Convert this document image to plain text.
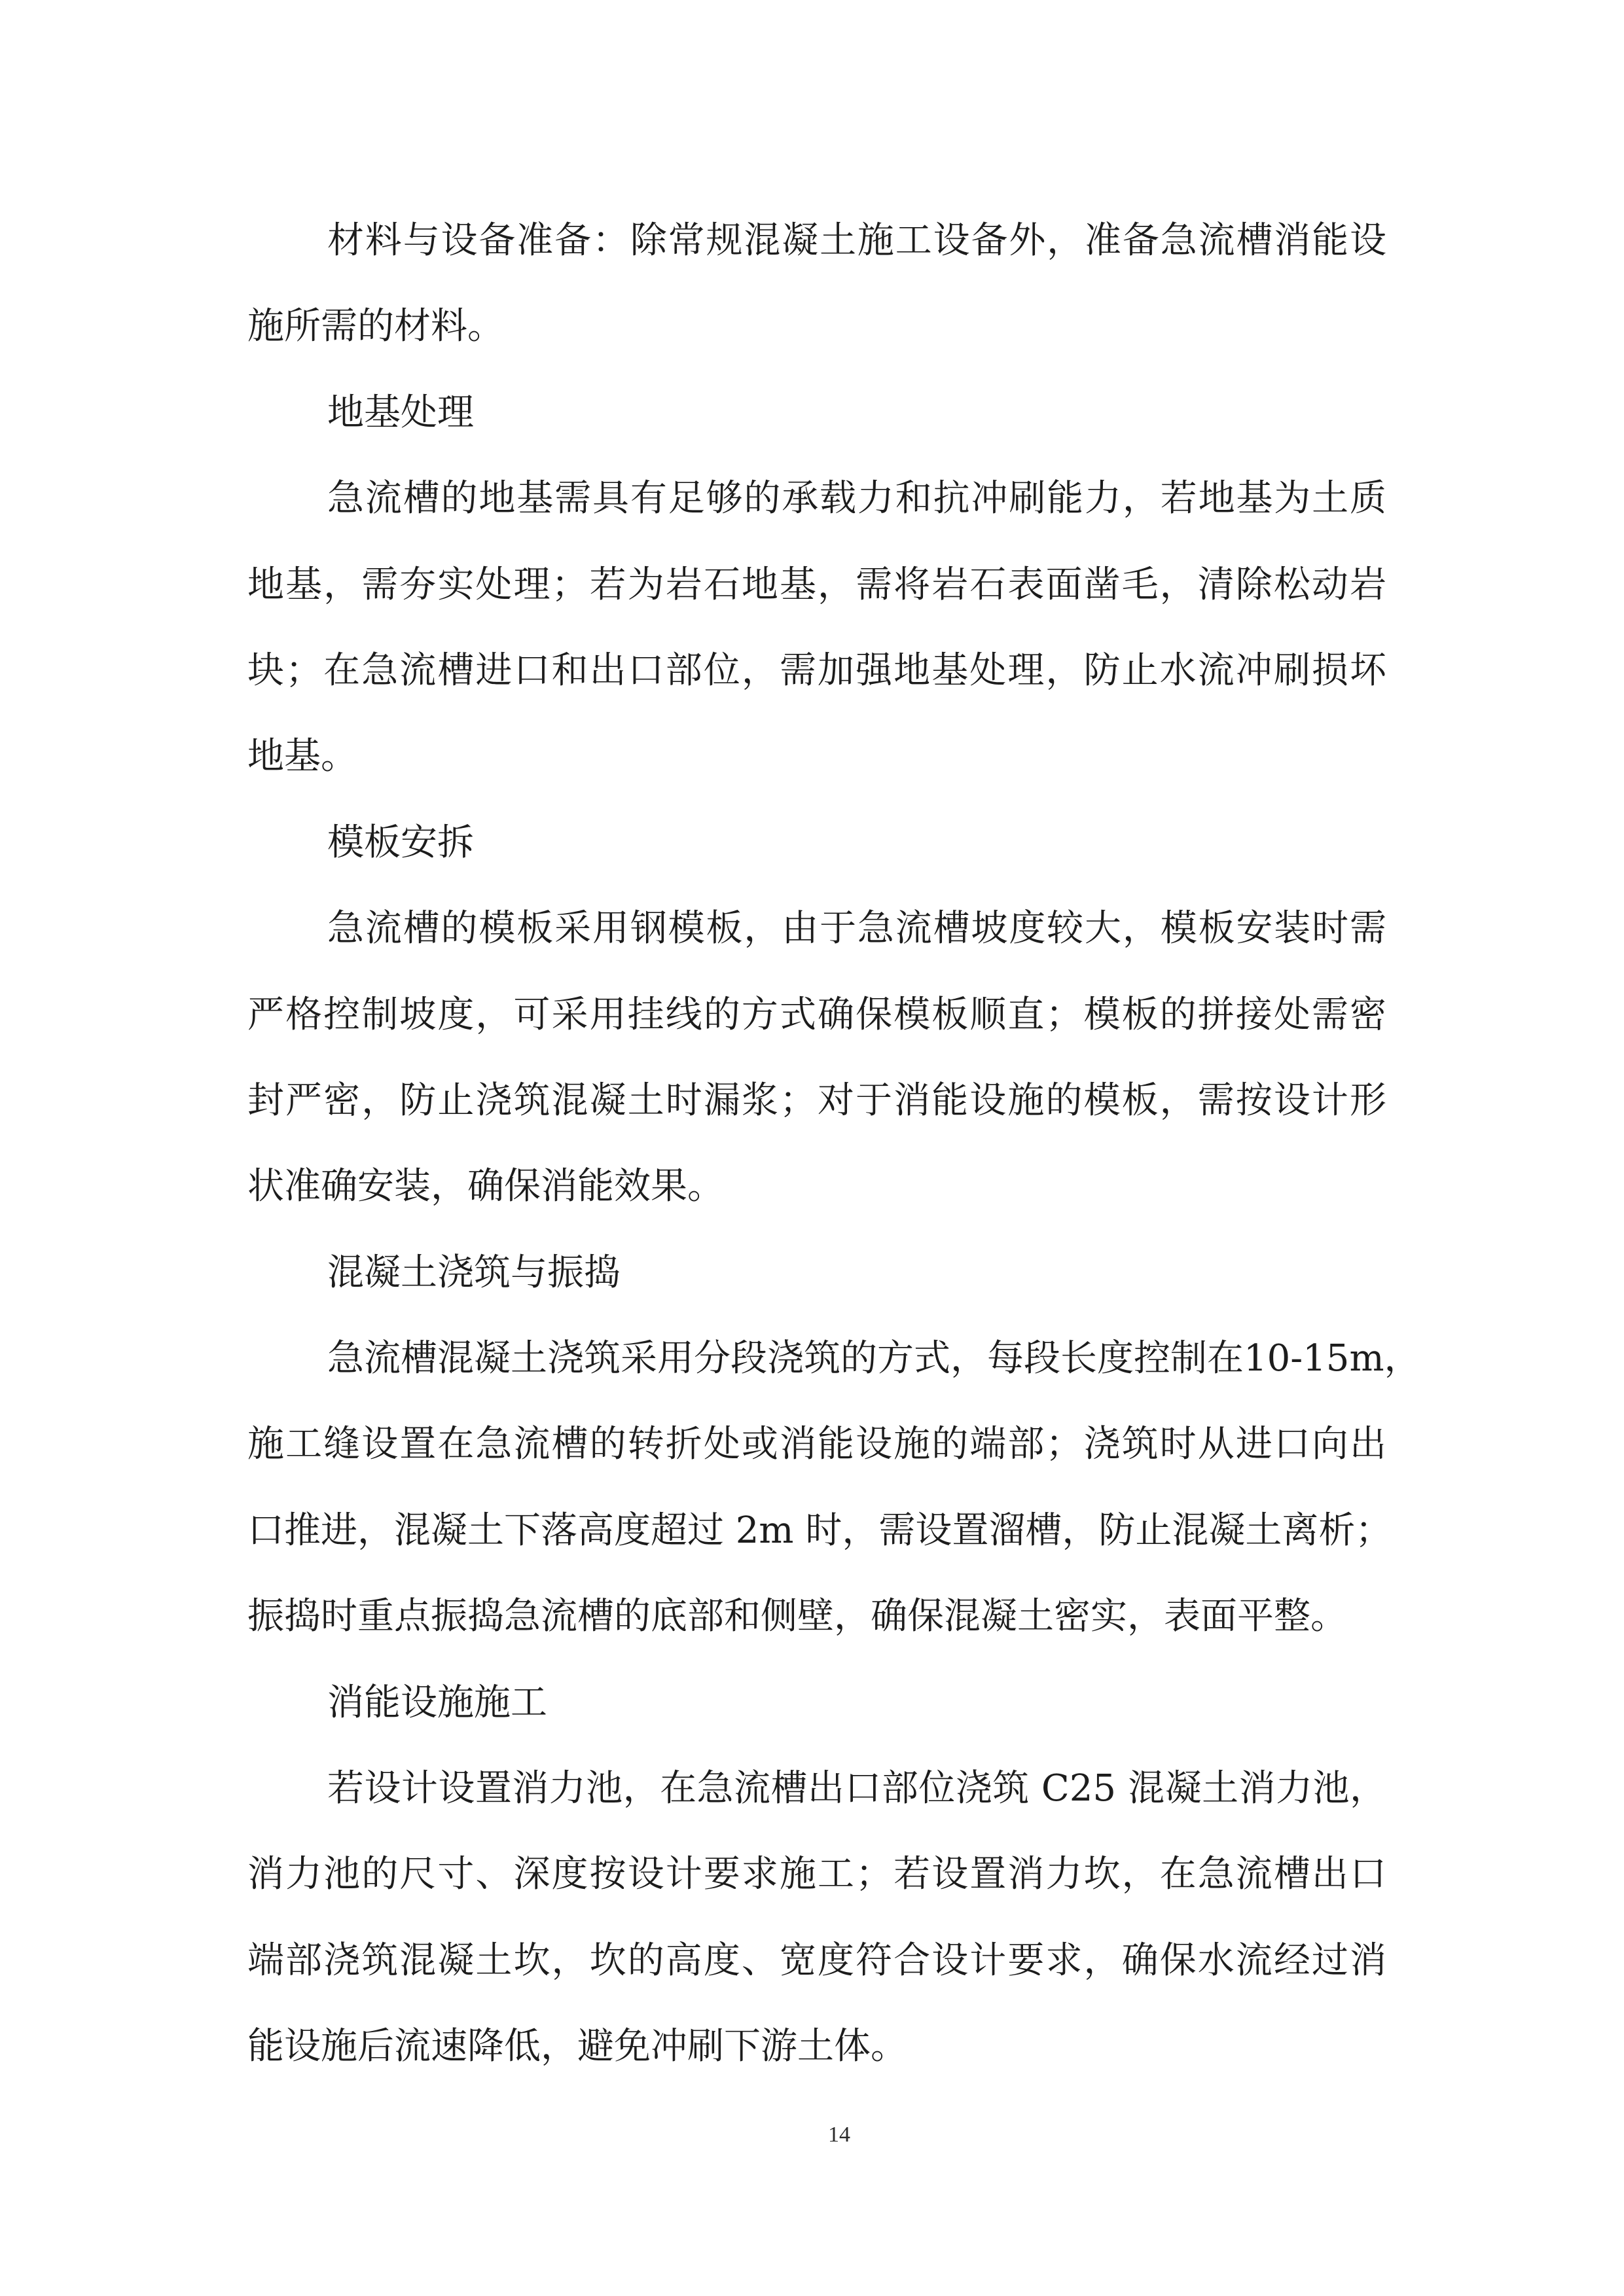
材料与设备准备：除常规混凝土施工设备外，准备急流槽消能设
施所需的材料。
地基处理
急流槽的地基需具有足够的承载力和抗冲刷能力，若地基为土质
地基，需夯实处理；若为岩石地基，需将岩石表面凿毛，清除松动岩
块；在急流槽进口和出口部位，需加强地基处理，防止水流冲刷损坏
地基。
模板安拆
急流槽的模板采用钢模板，由于急流槽坡度较大，模板安装时需
严格控制坡度，可采用挂线的方式确保模板顺直；模板的拼接处需密
封严密，防止浇筑混凝土时漏浆；对于消能设施的模板，需按设计形
状准确安装，确保消能效果。
混凝土浇筑与振捣
急流槽混凝土浇筑采用分段浇筑的方式，每段长度控制在10-15m，
施工缝设置在急流槽的转折处或消能设施的端部；浇筑时从进口向出
口推进，混凝土下落高度超过 2m 时，需设置溜槽，防止混凝土离析；
振捣时重点振捣急流槽的底部和侧壁，确保混凝土密实，表面平整。
消能设施施工
若设计设置消力池，在急流槽出口部位浇筑 C25 混凝土消力池，
消力池的尺寸、深度按设计要求施工；若设置消力坎，在急流槽出口
端部浇筑混凝土坎，坎的高度、宽度符合设计要求，确保水流经过消
能设施后流速降低，避免冲刷下游土体。
14
